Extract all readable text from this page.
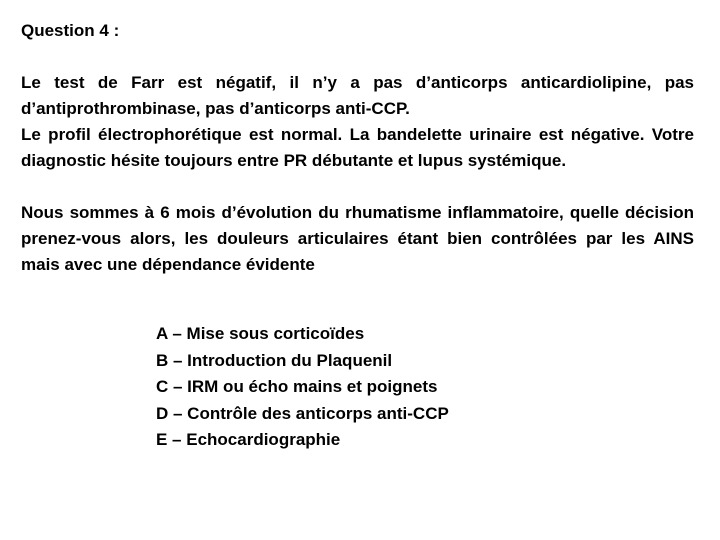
Question 4 :

Le test de Farr est négatif, il n’y a pas d’anticorps anticardiolipine, pas d’antiprothrombinase, pas d’anticorps anti-CCP.
Le profil électrophorétique est normal. La bandelette urinaire est négative. Votre diagnostic hésite toujours entre PR débutante et lupus systémique.

Nous sommes à 6 mois d’évolution du rhumatisme inflammatoire, quelle décision prenez-vous alors, les douleurs articulaires étant bien contrôlées par les AINS mais avec une dépendance évidente

A – Mise sous corticoïdes
B – Introduction du Plaquenil
C – IRM ou écho mains et poignets
D – Contrôle des anticorps anti-CCP
E – Echocardiographie
